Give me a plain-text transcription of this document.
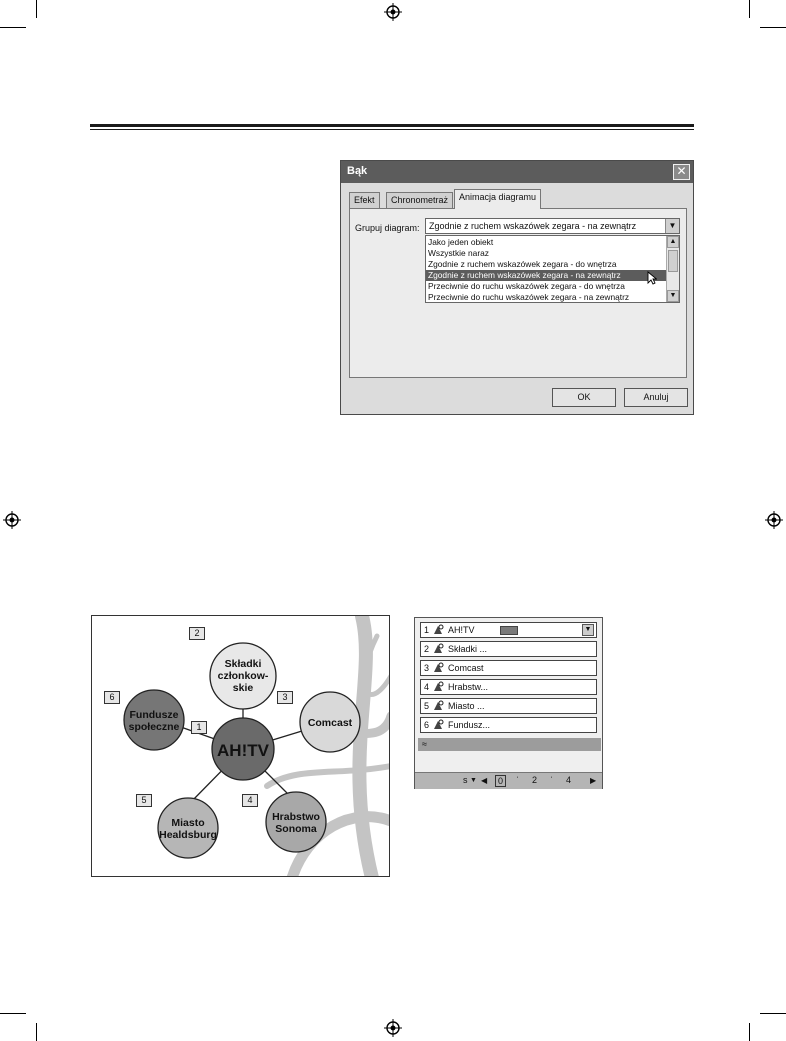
Bąk	✕
Efekt	Chronometraż	Animacja diagramu
Grupuj diagram:	Zgodnie z ruchem wskazówek zegara - na zewnątrz	▼
Jako jeden obiekt
Wszystkie naraz
Zgodnie z ruchem wskazówek zegara - do wnętrza
Zgodnie z ruchem wskazówek zegara - na zewnątrz
Przeciwnie do ruchu wskazówek zegara - do wnętrza
Przeciwnie do ruchu wskazówek zegara - na zewnątrz
▲
▼
OK	Anuluj
Składki
członkow-
skie
Comcast
Hrabstwo
Sonoma
Miasto
Healdsburg
Fundusze
społeczne
AH!TV
2
3
4
5
6
1
1 AH!TV	▼
2 Składki ...
3 Comcast
4 Hrabstw...
5 Miasto ...
6 Fundusz...
≈
s ▼ ◀	0	ˈ 2 ˈ 4 ▶
